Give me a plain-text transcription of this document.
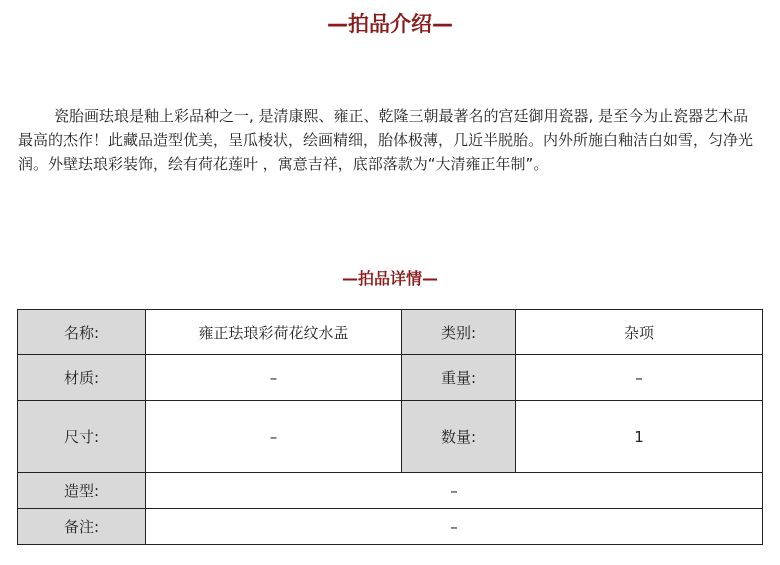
—拍品介绍—
瓷胎画珐琅是釉上彩品种之一, 是清康熙、雍正、乾隆三朝最著名的宫廷御用瓷器, 是至今为止瓷器艺术品最高的杰作！此藏品造型优美，呈瓜棱状，绘画精细，胎体极薄，几近半脱胎。内外所施白釉洁白如雪，匀净光润。外壁珐琅彩装饰，绘有荷花莲叶 ，寓意吉祥，底部落款为“大清雍正年制”。
—拍品详情—
名称:	雍正珐琅彩荷花纹水盂	类别:	杂项
材质:	–	重量:	–
尺寸:	–	数量:	1
造型:	–		
备注:	–		
